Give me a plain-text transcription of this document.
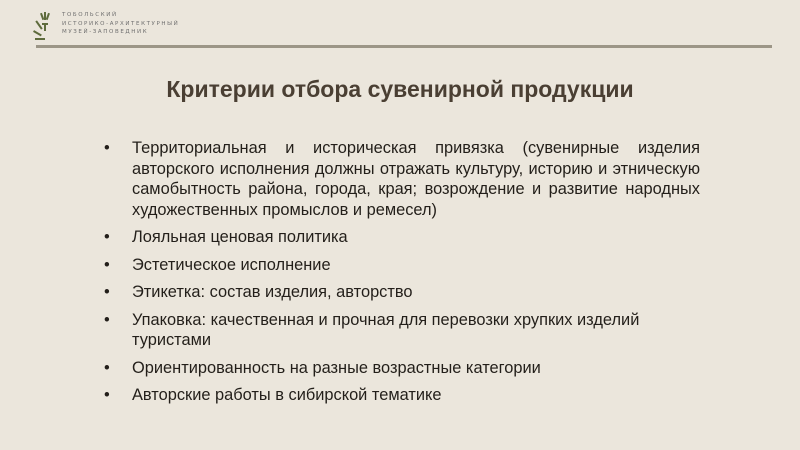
ТОБОЛЬСКИЙ
ИСТОРИКО-АРХИТЕКТУРНЫЙ
МУЗЕЙ-ЗАПОВЕДНИК
Критерии отбора сувенирной продукции
•	Территориальная и историческая привязка (сувенирные изделия авторского исполнения должны отражать культуру, историю и этническую самобытность района, города, края; возрождение и развитие народных художественных промыслов и ремесел)
•	Лояльная ценовая политика
•	Эстетическое исполнение
•	Этикетка: состав изделия, авторство
•	Упаковка: качественная и прочная для перевозки хрупких изделий туристами
•	Ориентированность на разные возрастные категории
•	Авторские работы в сибирской тематике
